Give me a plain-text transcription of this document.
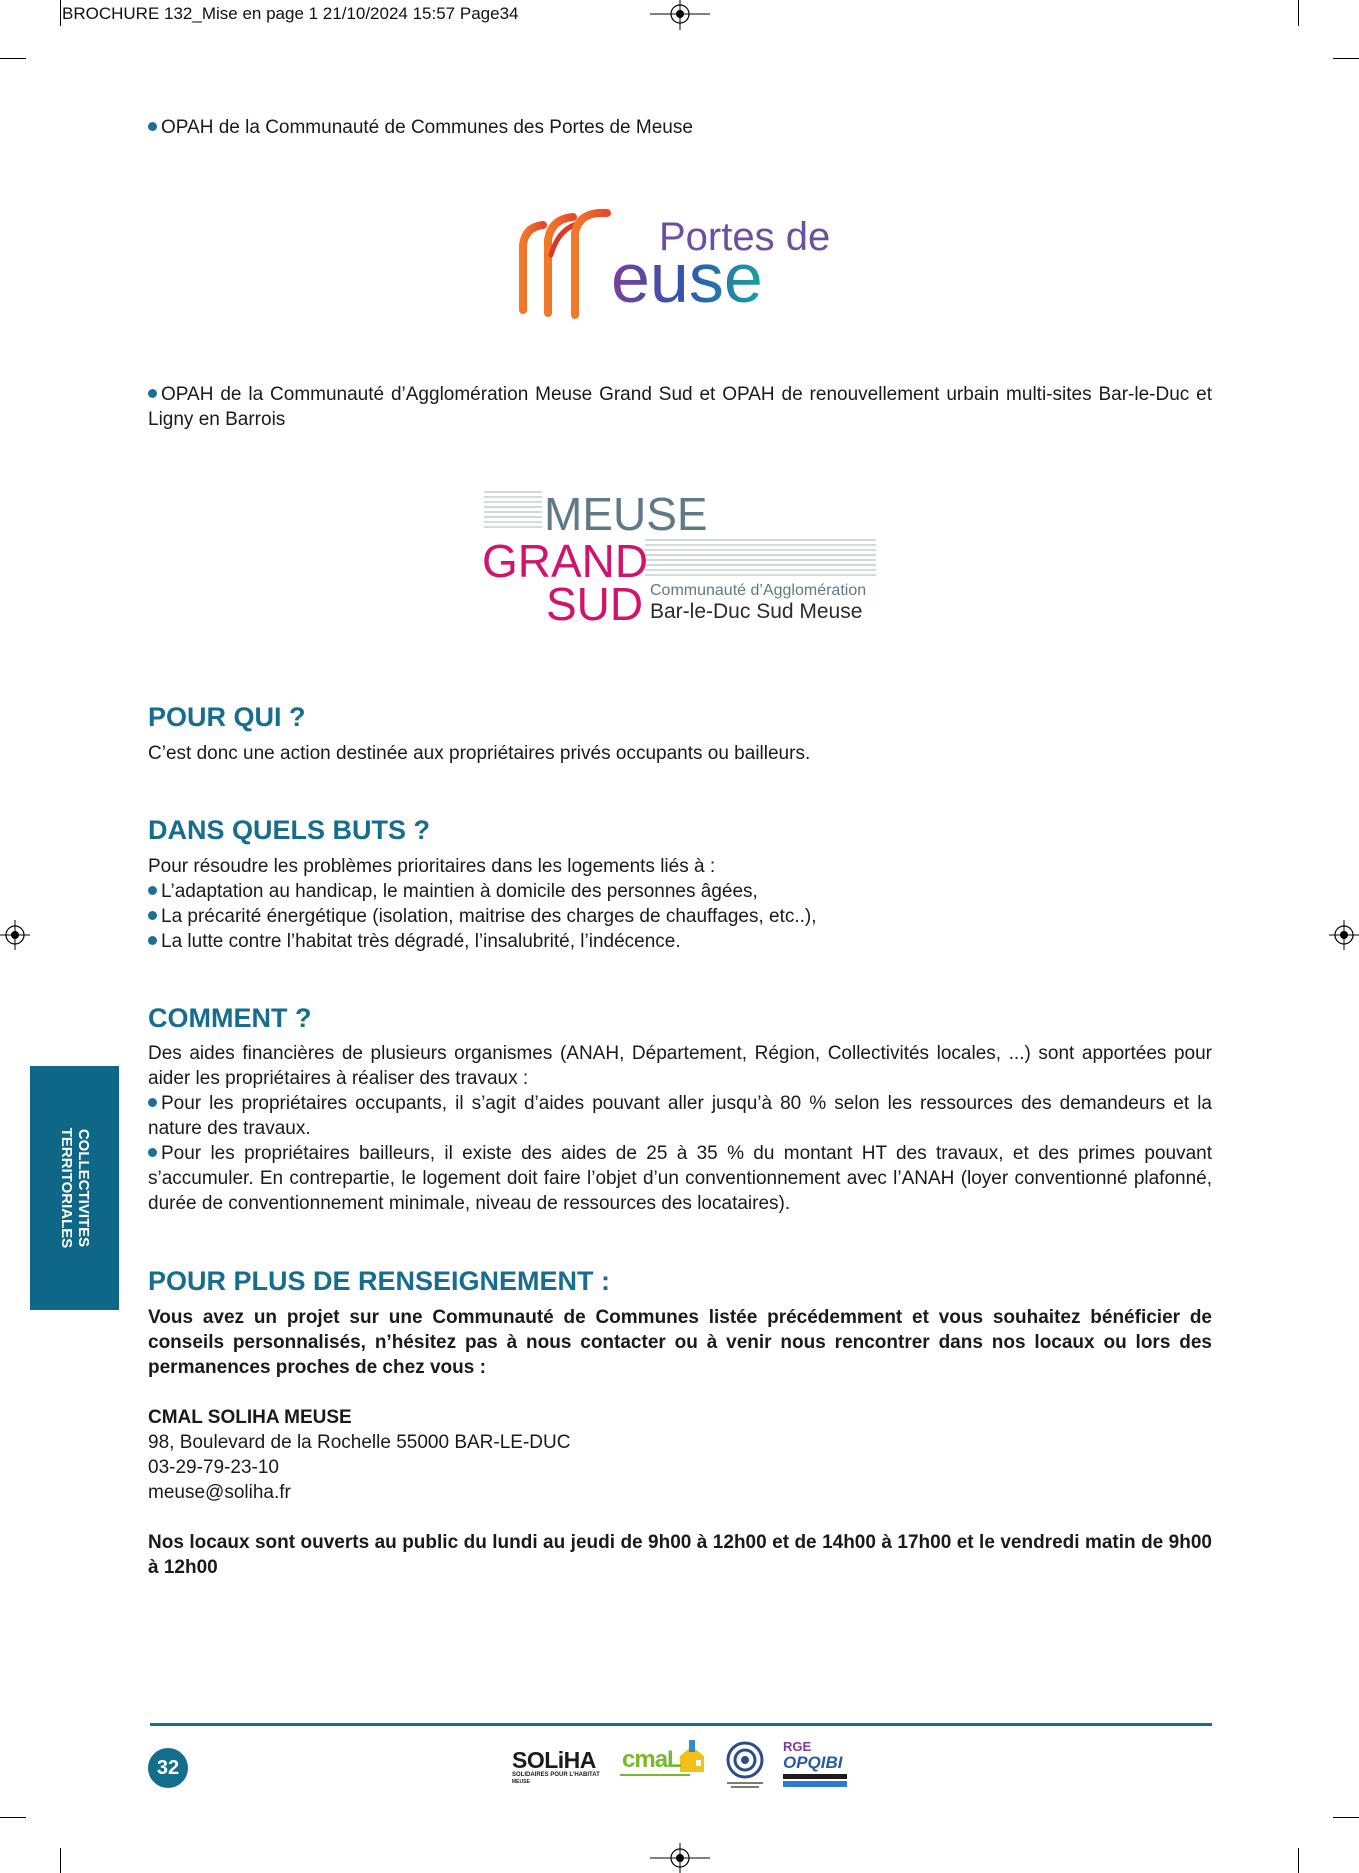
BROCHURE 132_Mise en page 1 21/10/2024 15:57 Page34
OPAH de la Communauté de Communes des Portes de Meuse
Portes de
euse
OPAH de la Communauté d’Agglomération Meuse Grand Sud et OPAH de renouvellement urbain multi-sites Bar-le-Duc et Ligny en Barrois
MEUSE
GRAND
SUD Communauté d’Agglomération
Bar-le-Duc Sud Meuse
POUR QUI ?
C’est donc une action destinée aux propriétaires privés occupants ou bailleurs.
DANS QUELS BUTS ?
Pour résoudre les problèmes prioritaires dans les logements liés à :
L’adaptation au handicap, le maintien à domicile des personnes âgées,
La précarité énergétique (isolation, maitrise des charges de chauffages, etc..),
La lutte contre l’habitat très dégradé, l’insalubrité, l’indécence.
COMMENT ?
Des aides financières de plusieurs organismes (ANAH, Département, Région, Collectivités locales, ...) sont apportées pour aider les propriétaires à réaliser des travaux :
Pour les propriétaires occupants, il s’agit d’aides pouvant aller jusqu’à 80 % selon les ressources des demandeurs et la nature des travaux.
Pour les propriétaires bailleurs, il existe des aides de 25 à 35 % du montant HT des travaux, et des primes pouvant s’accumuler. En contrepartie, le logement doit faire l’objet d’un conventionnement avec l’ANAH (loyer conventionné plafonné, durée de conventionnement minimale, niveau de ressources des locataires).
POUR PLUS DE RENSEIGNEMENT :
Vous avez un projet sur une Communauté de Communes listée précédemment et vous souhaitez bénéficier de conseils personnalisés, n’hésitez pas à nous contacter ou à venir nous rencontrer dans nos locaux ou lors des permanences proches de chez vous :
CMAL SOLIHA MEUSE
98, Boulevard de la Rochelle 55000 BAR-LE-DUC
03-29-79-23-10
meuse@soliha.fr
Nos locaux sont ouverts au public du lundi au jeudi de 9h00 à 12h00 et de 14h00 à 17h00 et le vendredi matin de 9h00 à 12h00
COLLECTIVITES
TERRITORIALES
32	SOLiHA
SOLIDAIRES POUR L’HABITAT
MEUSE
cmaL	RGE
OPQIBI
